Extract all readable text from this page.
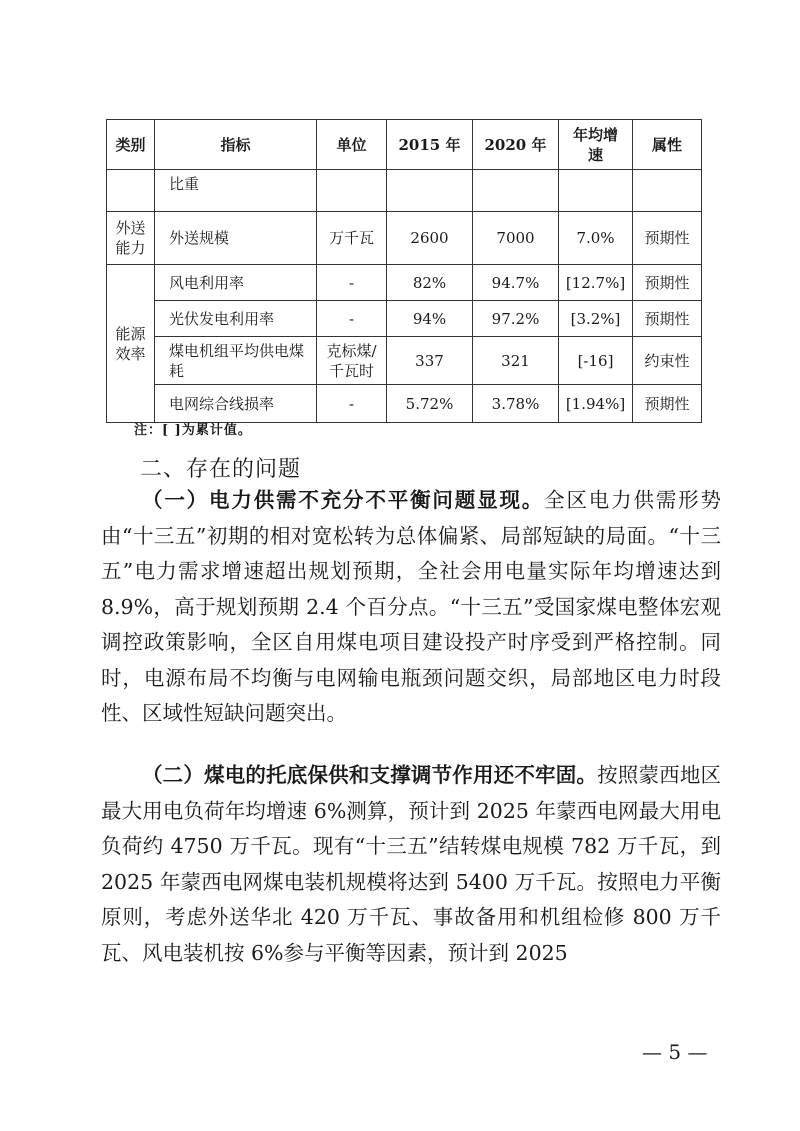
类别	指标	单位	2015 年	2020 年	年均增速	属性
	比重					
外送能力	外送规模	万千瓦	2600	7000	7.0%	预期性
能源效率	风电利用率	-	82%	94.7%	[12.7%]	预期性
	光伏发电利用率	-	94%	97.2%	[3.2%]	预期性
	煤电机组平均供电煤耗	克标煤/千瓦时	337	321	[-16]	约束性
	电网综合线损率	-	5.72%	3.78%	[1.94%]	预期性
注：[ ]为累计值。
二、存在的问题

（一）电力供需不充分不平衡问题显现。全区电力供需形势由“十三五”初期的相对宽松转为总体偏紧、局部短缺的局面。“十三五”电力需求增速超出规划预期，全社会用电量实际年均增速达到 8.9%，高于规划预期 2.4 个百分点。“十三五”受国家煤电整体宏观调控政策影响，全区自用煤电项目建设投产时序受到严格控制。同时，电源布局不均衡与电网输电瓶颈问题交织，局部地区电力时段性、区域性短缺问题突出。

（二）煤电的托底保供和支撑调节作用还不牢固。按照蒙西地区最大用电负荷年均增速 6%测算，预计到 2025 年蒙西电网最大用电负荷约 4750 万千瓦。现有“十三五”结转煤电规模 782 万千瓦，到 2025 年蒙西电网煤电装机规模将达到 5400 万千瓦。按照电力平衡原则，考虑外送华北 420 万千瓦、事故备用和机组检修 800 万千瓦、风电装机按 6%参与平衡等因素，预计到 2025

— 5 —
